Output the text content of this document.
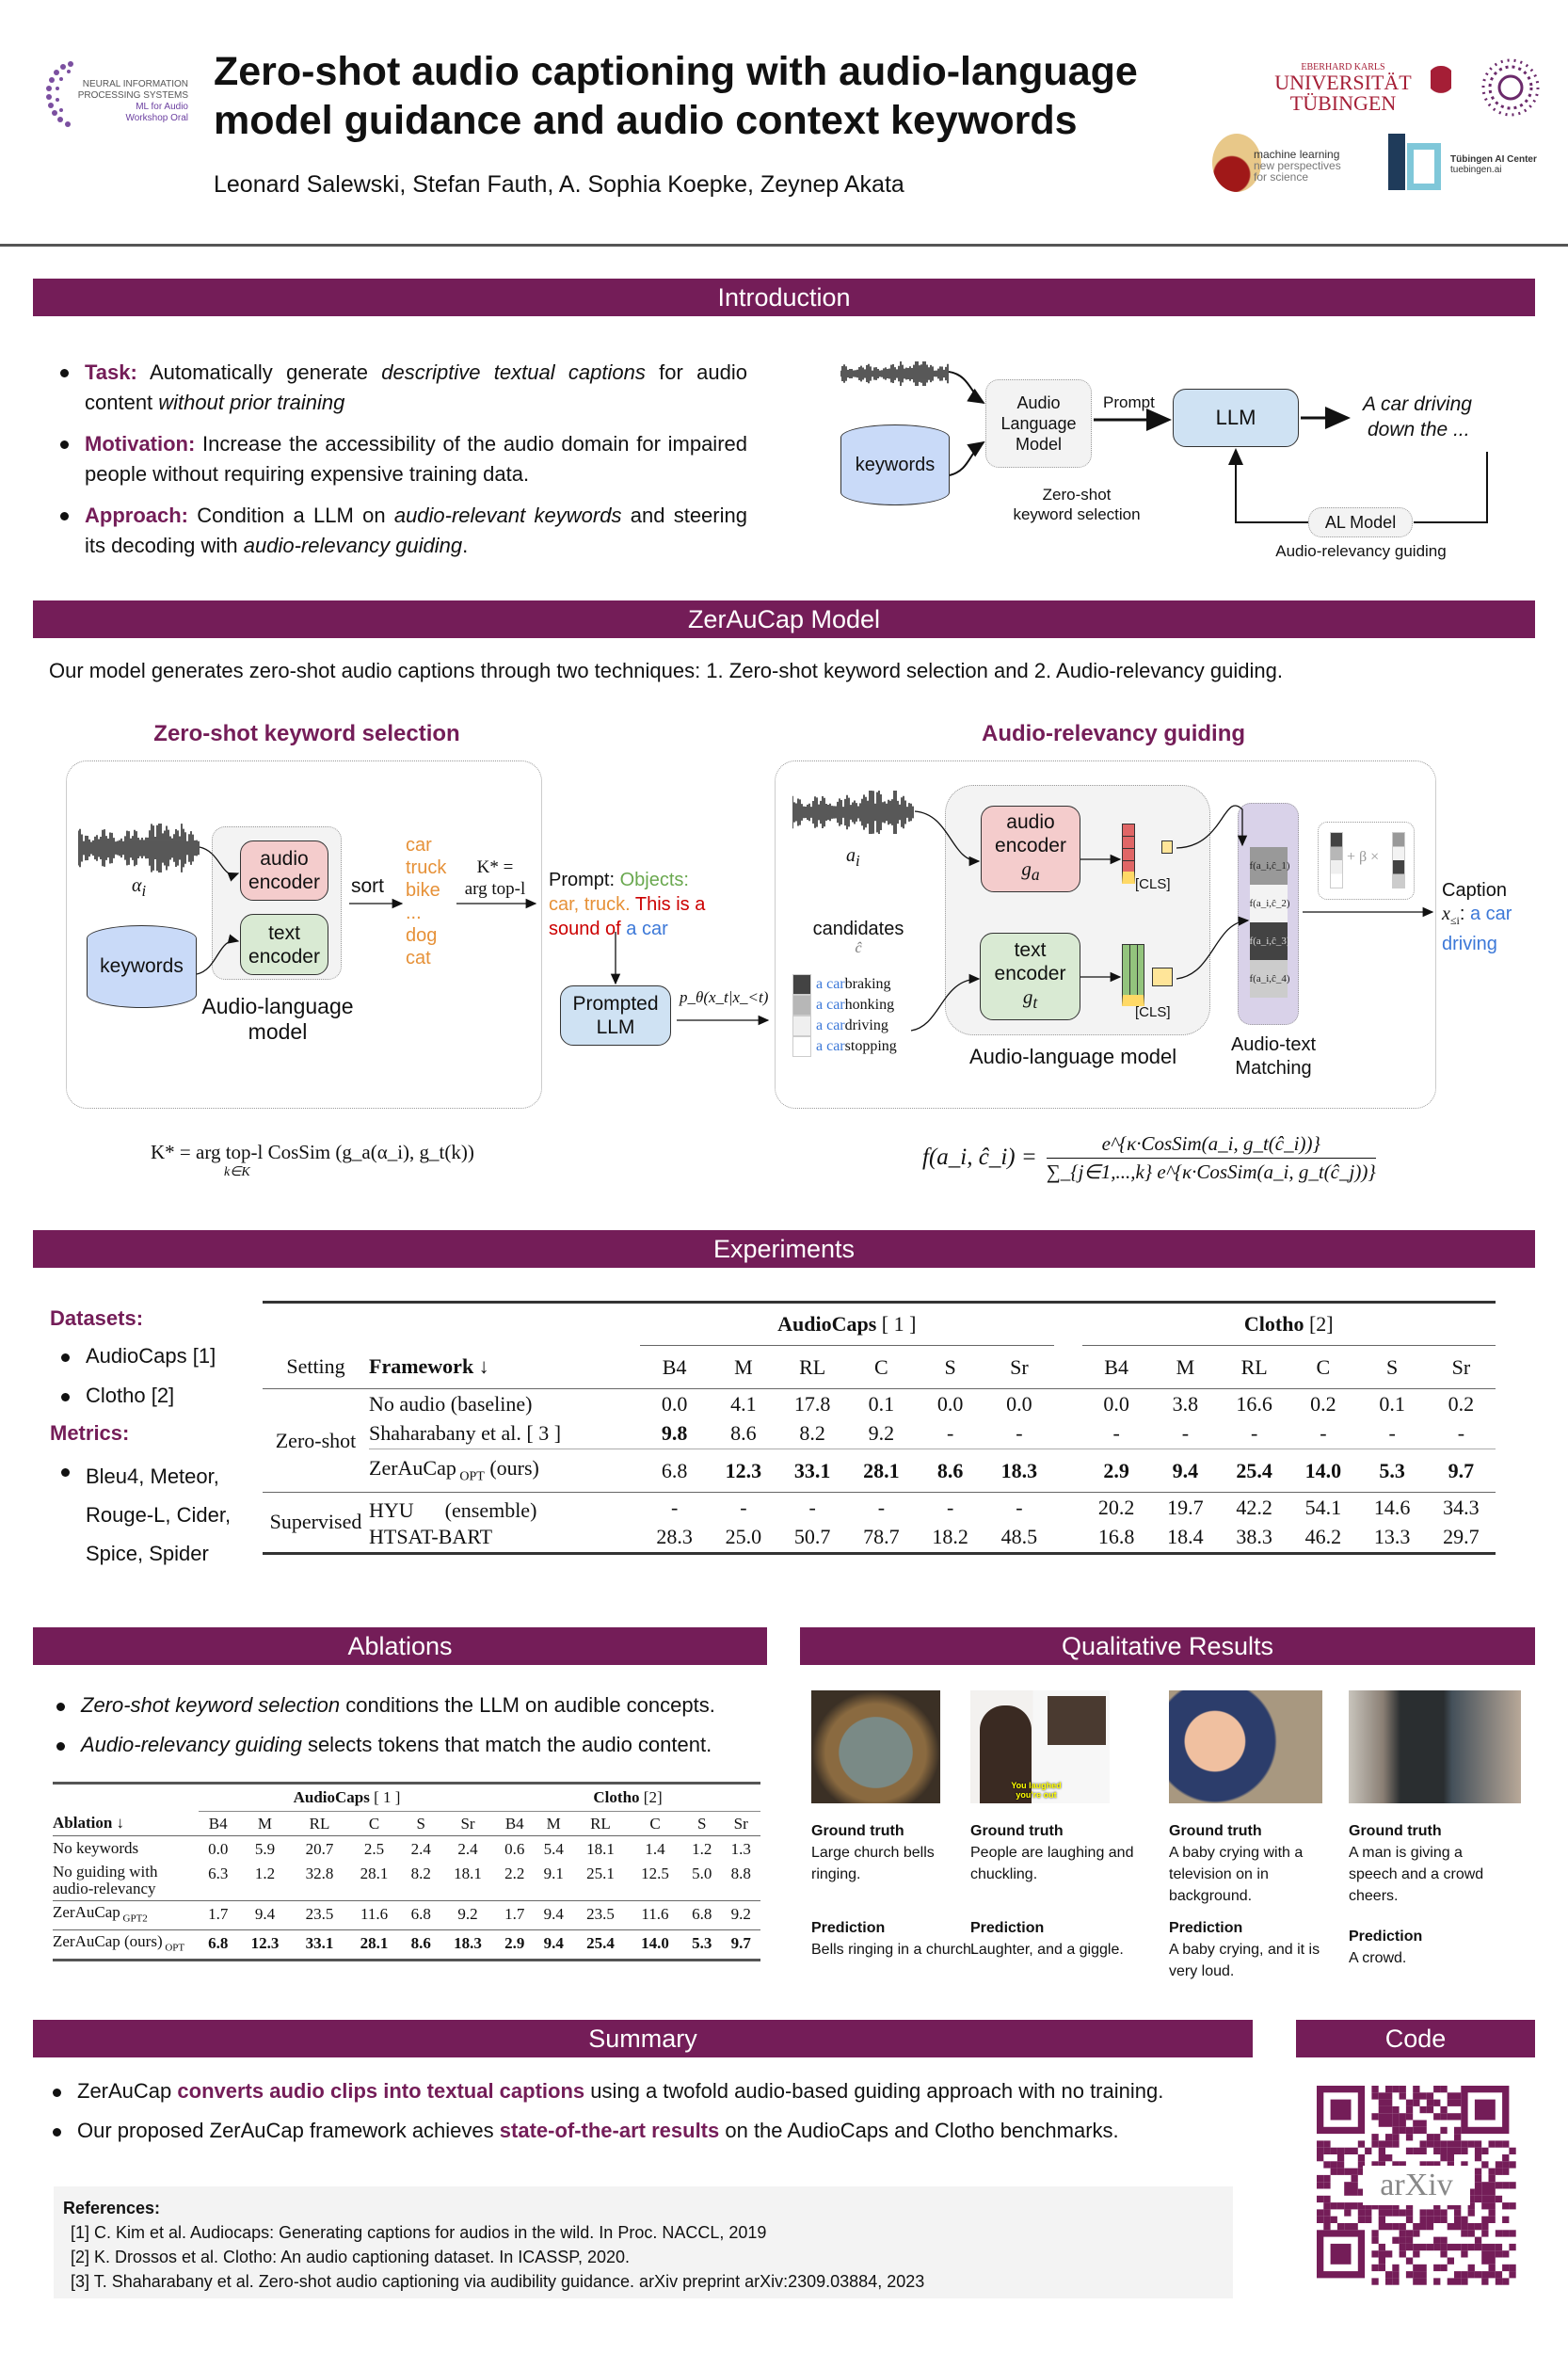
NEURAL INFORMATION
PROCESSING SYSTEMS
ML for Audio
Workshop Oral
Zero-shot audio captioning with audio-language
model guidance and audio context keywords
Leonard Salewski, Stefan Fauth, A. Sophia Koepke, Zeynep Akata
EBERHARD KARLS
UNIVERSITÄT
TÜBINGEN
machine learning
new perspectives
for science
Tübingen AI Center
tuebingen.ai
Introduction
Task: Automatically generate descriptive textual captions for audio content without prior training
Motivation: Increase the accessibility of the audio domain for impaired people without requiring expensive training data.
Approach: Condition a LLM on audio-relevant keywords and steering its decoding with audio-relevancy guiding.
Audio
Language
Model
keywords
Prompt
LLM
A car driving
down the ...
Zero-shot
keyword selection	AL Model
Audio-relevancy guiding
ZerAuCap Model
Our model generates zero-shot audio captions through two techniques: 1. Zero-shot keyword selection and 2. Audio-relevancy guiding.
Zero-shot keyword selection	Audio-relevancy guiding
$\alpha_i$
audio
encoder
text
encoder
keywords
Audio-language
model
sort
car
truck
bike
...
dog
cat
K* =
arg top-l	Prompt: Objects:
car, truck. This is a
sound of a car
Prompted
LLM
p_θ(x_t|x_<t)
K* = arg top-l CosSim (g_a(α_i), g_t(k))
k∈K
$a_i$
audio
encoder
$g_a$
text
encoder
$g_t$
[CLS]
[CLS]
candidates
ĉ
a car braking
a car honking
a car driving
a car stopping
f(a_i,ĉ_1)
f(a_i,ĉ_2)
f(a_i,ĉ_3)
f(a_i,ĉ_4)
Audio-text
Matching
+ β ×
Caption
$x_{\le i}$: a car
driving
Audio-language model
f(a_i, ĉ_i) =
e^{κ·CosSim(a_i, g_t(ĉ_i))}
∑_{j∈1,...,k} e^{κ·CosSim(a_i, g_t(ĉ_j))}
Experiments
Datasets:
AudioCaps [1]
Clotho [2]
Metrics:
Bleu4, Meteor,
Rouge-L, Cider,
Spice, Spider
		AudioCaps [ 1 ]							Clotho [2]					
Setting	Framework ↓	B4	M	RL	C	S	Sr		B4	M	RL	C	S	Sr
Zero-shot	No audio (baseline)	0.0	4.1	17.8	0.1	0.0	0.0		0.0	3.8	16.6	0.2	0.1	0.2
	Shaharabany et al. [ 3 ]	9.8	8.6	8.2	9.2	-	-		-	-	-	-	-	-
	ZerAuCap $_{OPT}$ (ours)	6.8	12.3	33.1	28.1	8.6	18.3		2.9	9.4	25.4	14.0	5.3	9.7
Supervised	HYU      (ensemble)	-	-	-	-	-	-		20.2	19.7	42.2	54.1	14.6	34.3
	HTSAT-BART	28.3	25.0	50.7	78.7	18.2	48.5		16.8	18.4	38.3	46.2	13.3	29.7
Ablations
Zero-shot keyword selection conditions the LLM on audible concepts.
Audio-relevancy guiding selects tokens that match the audio content.
	AudioCaps [ 1 ]						Clotho [2]					
Ablation ↓	B4	M	RL	C	S	Sr	B4	M	RL	C	S	Sr
No keywords	0.0	5.9	20.7	2.5	2.4	2.4	0.6	5.4	18.1	1.4	1.2	1.3
No guiding with audio-relevancy	6.3	1.2	32.8	28.1	8.2	18.1	2.2	9.1	25.1	12.5	5.0	8.8
ZerAuCap $_{GPT2}$	1.7	9.4	23.5	11.6	6.8	9.2	1.7	9.4	23.5	11.6	6.8	9.2
ZerAuCap (ours) $_{OPT}$	6.8	12.3	33.1	28.1	8.6	18.3	2.9	9.4	25.4	14.0	5.3	9.7
Qualitative Results
You laughed you're out
Ground truth
Large church bells ringing.
Prediction
Bells ringing in a church.
Ground truth
People are laughing and chuckling.
Prediction
Laughter, and a giggle.
Ground truth
A baby crying with a television on in background.
Prediction
A baby crying, and it is very loud.
Ground truth
A man is giving a speech and a crowd cheers.
Prediction
A crowd.
Summary	Code
ZerAuCap converts audio clips into textual captions using a twofold audio-based guiding approach with no training.
Our proposed ZerAuCap framework achieves state-of-the-art results on the AudioCaps and Clotho benchmarks.
References:
[1] C. Kim et al. Audiocaps: Generating captions for audios in the wild. In Proc. NACCL, 2019
[2] K. Drossos et al. Clotho: An audio captioning dataset. In ICASSP, 2020.
[3] T. Shaharabany et al. Zero-shot audio captioning via audibility guidance. arXiv preprint arXiv:2309.03884, 2023
arXiv
